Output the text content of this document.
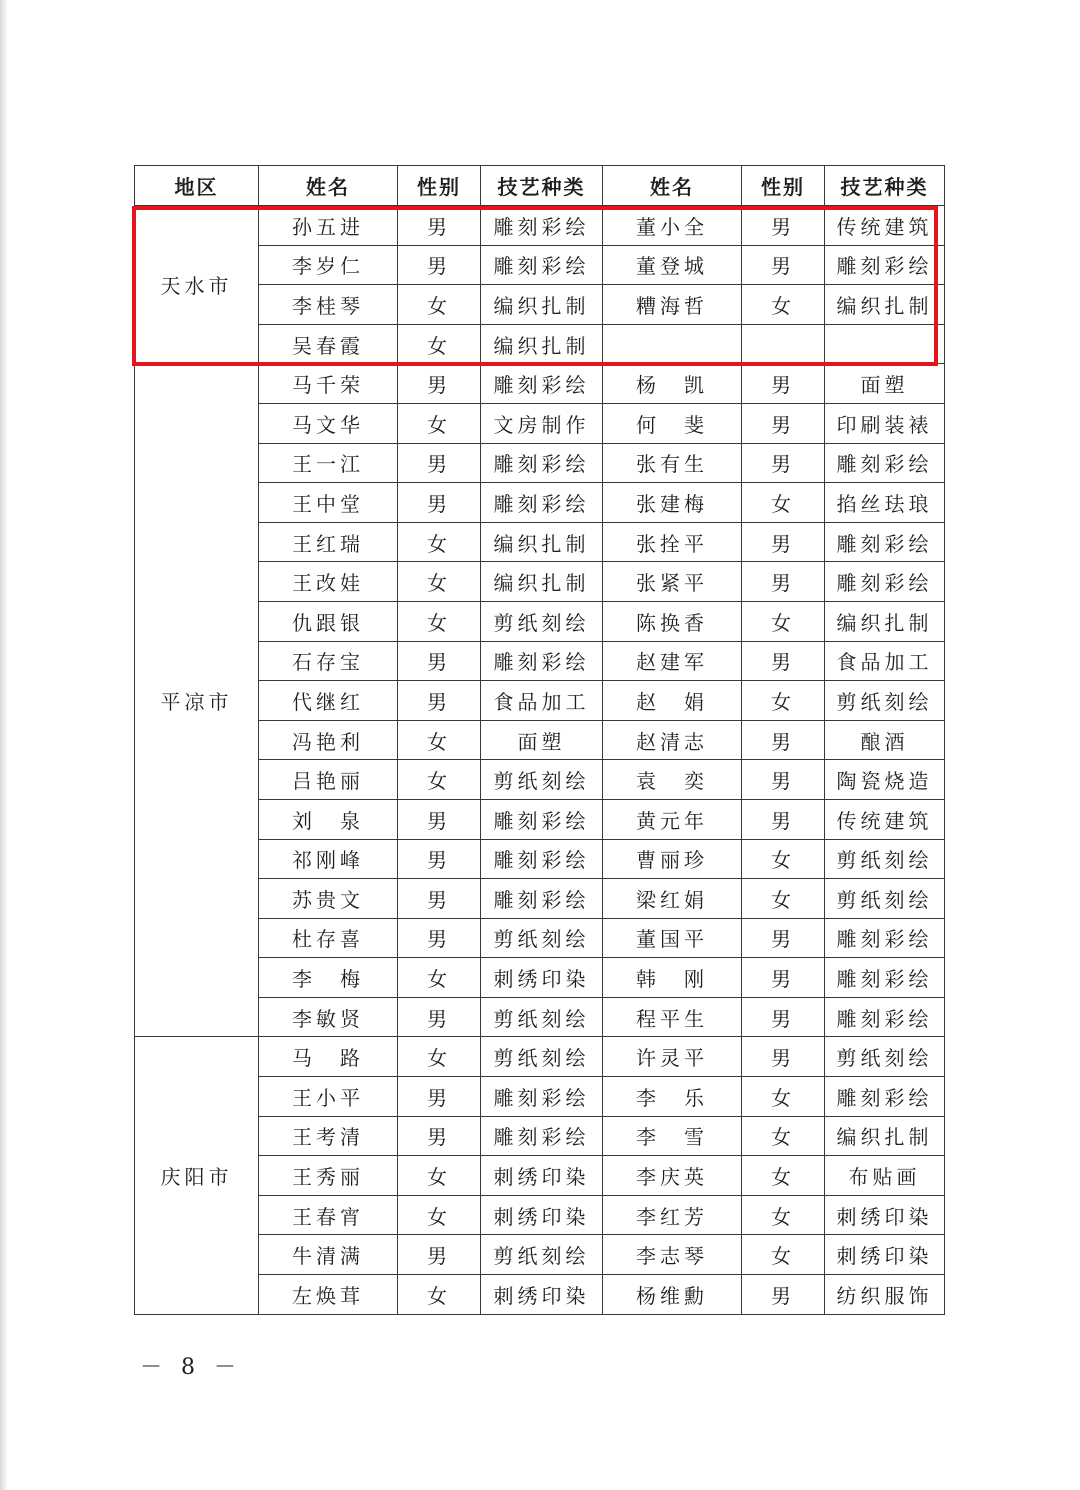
地区	姓名	性别	技艺种类	姓名	性别	技艺种类
天水市	孙五进	男	雕刻彩绘	董小全	男	传统建筑
	李岁仁	男	雕刻彩绘	董登城	男	雕刻彩绘
	李桂琴	女	编织扎制	糟海哲	女	编织扎制
	吴春霞	女	编织扎制			
平凉市	马千荣	男	雕刻彩绘	杨　凯	男	面塑
	马文华	女	文房制作	何　斐	男	印刷装裱
	王一江	男	雕刻彩绘	张有生	男	雕刻彩绘
	王中堂	男	雕刻彩绘	张建梅	女	掐丝珐琅
	王红瑞	女	编织扎制	张拴平	男	雕刻彩绘
	王改娃	女	编织扎制	张紧平	男	雕刻彩绘
	仇跟银	女	剪纸刻绘	陈换香	女	编织扎制
	石存宝	男	雕刻彩绘	赵建军	男	食品加工
	代继红	男	食品加工	赵　娟	女	剪纸刻绘
	冯艳利	女	面塑	赵清志	男	酿酒
	吕艳丽	女	剪纸刻绘	袁　奕	男	陶瓷烧造
	刘　泉	男	雕刻彩绘	黄元年	男	传统建筑
	祁刚峰	男	雕刻彩绘	曹丽珍	女	剪纸刻绘
	苏贵文	男	雕刻彩绘	梁红娟	女	剪纸刻绘
	杜存喜	男	剪纸刻绘	董国平	男	雕刻彩绘
	李　梅	女	刺绣印染	韩　刚	男	雕刻彩绘
	李敏贤	男	剪纸刻绘	程平生	男	雕刻彩绘
庆阳市	马　路	女	剪纸刻绘	许灵平	男	剪纸刻绘
	王小平	男	雕刻彩绘	李　乐	女	雕刻彩绘
	王考清	男	雕刻彩绘	李　雪	女	编织扎制
	王秀丽	女	刺绣印染	李庆英	女	布贴画
	王春宵	女	刺绣印染	李红芳	女	刺绣印染
	牛清满	男	剪纸刻绘	李志琴	女	刺绣印染
	左焕茸	女	刺绣印染	杨维勳	男	纺织服饰
－ 8 －
